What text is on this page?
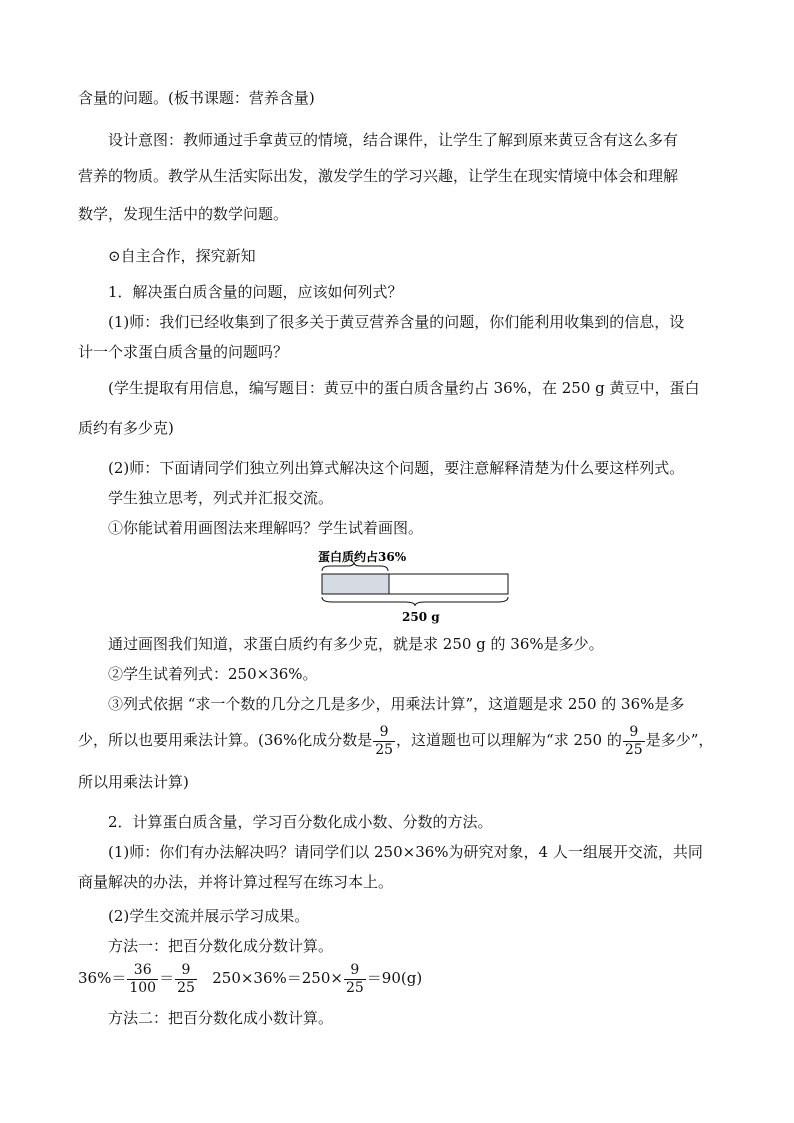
含量的问题。(板书课题：营养含量)
设计意图：教师通过手拿黄豆的情境，结合课件，让学生了解到原来黄豆含有这么多有
营养的物质。教学从生活实际出发，激发学生的学习兴趣，让学生在现实情境中体会和理解
数学，发现生活中的数学问题。
⊙自主合作，探究新知
1．解决蛋白质含量的问题，应该如何列式？
(1)师：我们已经收集到了很多关于黄豆营养含量的问题，你们能利用收集到的信息，设
计一个求蛋白质含量的问题吗？
(学生提取有用信息，编写题目：黄豆中的蛋白质含量约占 36%，在 250 g 黄豆中，蛋白
质约有多少克)
(2)师：下面请同学们独立列出算式解决这个问题，要注意解释清楚为什么要这样列式。
学生独立思考，列式并汇报交流。
①你能试着用画图法来理解吗？学生试着画图。
蛋白质约占36%
250 g
通过画图我们知道，求蛋白质约有多少克，就是求 250 g 的 36%是多少。
②学生试着列式：250×36%。
③列式依据 “求一个数的几分之几是多少，用乘法计算”，这道题是求 250 的 36%是多
少，所以也要用乘法计算。(36%化成分数是 $\frac{9}{25}$ ，这道题也可以理解为“求 250 的 $\frac{9}{25}$ 是多少”，
所以用乘法计算)
2．计算蛋白质含量，学习百分数化成小数、分数的方法。
(1)师：你们有办法解决吗？请同学们以 250×36%为研究对象，4 人一组展开交流，共同
商量解决的办法，并将计算过程写在练习本上。
(2)学生交流并展示学习成果。
方法一：把百分数化成分数计算。
$36\%= \frac{36}{100} = \frac{9}{25} 250\times 36\%=250\times \frac{9}{25} =90(g)$
方法二：把百分数化成小数计算。
